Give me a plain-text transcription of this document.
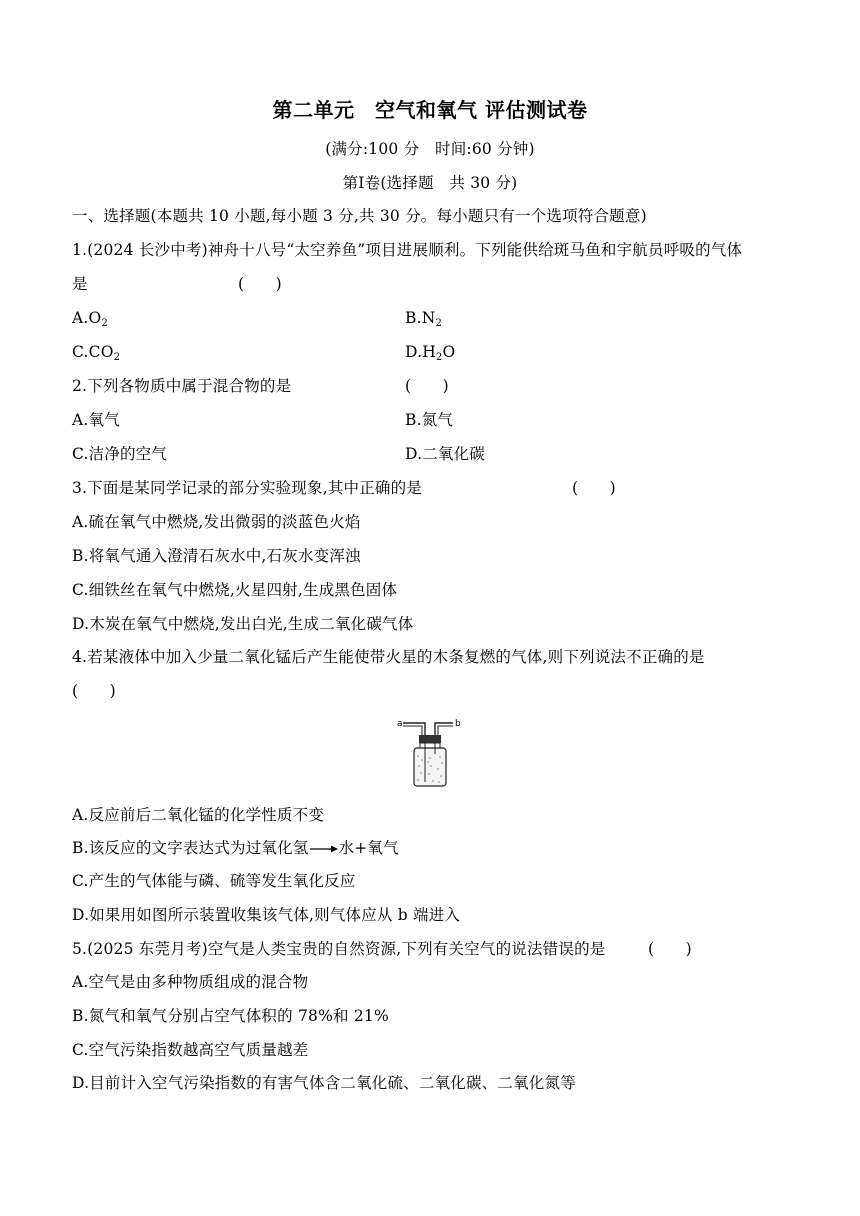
第二单元　空气和氧气 评估测试卷
(满分:100 分　时间:60 分钟)
第Ⅰ卷(选择题　共 30 分)
一、选择题(本题共 10 小题,每小题 3 分,共 30 分。每小题只有一个选项符合题意)
1.(2024 长沙中考)神舟十八号“太空养鱼”项目进展顺利。下列能供给斑马鱼和宇航员呼吸的气体
是	(　　)
$A.O_2$	$B.N_2$
$C.CO_2$	$D.H_2O$
2.下列各物质中属于混合物的是	(　　)
A.氧气	B.氮气
C.洁净的空气	D.二氧化碳
3.下面是某同学记录的部分实验现象,其中正确的是	(　　)
A.硫在氧气中燃烧,发出微弱的淡蓝色火焰
B.将氧气通入澄清石灰水中,石灰水变浑浊
C.细铁丝在氧气中燃烧,火星四射,生成黑色固体
D.木炭在氧气中燃烧,发出白光,生成二氧化碳气体
4.若某液体中加入少量二氧化锰后产生能使带火星的木条复燃的气体,则下列说法不正确的是
(　　)
a	b
A.反应前后二氧化锰的化学性质不变
B.该反应的文字表达式为过氧化氢→水+氧气
C.产生的气体能与磷、硫等发生氧化反应
D.如果用如图所示装置收集该气体,则气体应从 b 端进入
5.(2025 东莞月考)空气是人类宝贵的自然资源,下列有关空气的说法错误的是	(　　)
A.空气是由多种物质组成的混合物
B.氮气和氧气分别占空气体积的 78%和 21%
C.空气污染指数越高空气质量越差
D.目前计入空气污染指数的有害气体含二氧化硫、二氧化碳、二氧化氮等
